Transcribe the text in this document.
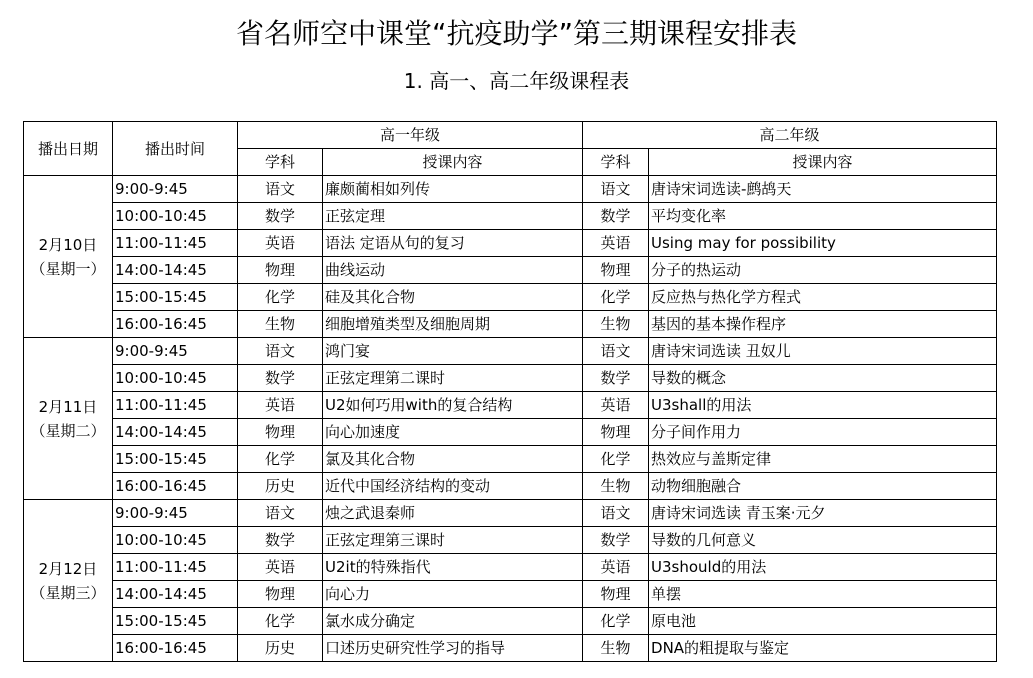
省名师空中课堂“抗疫助学”第三期课程安排表
1. 高一、高二年级课程表
播出日期	播出时间	高一年级		高二年级	
		学科	授课内容	学科	授课内容

2月10日
（星期一）	9:00-9:45	语文	廉颇蔺相如列传	语文	唐诗宋词选读-鹧鸪天
	10:00-10:45	数学	正弦定理	数学	平均变化率
	11:00-11:45	英语	语法 定语从句的复习	英语	Using may for possibility
	14:00-14:45	物理	曲线运动	物理	分子的热运动
	15:00-15:45	化学	硅及其化合物	化学	反应热与热化学方程式
	16:00-16:45	生物	细胞增殖类型及细胞周期	生物	基因的基本操作程序

2月11日
（星期二）	9:00-9:45	语文	鸿门宴	语文	唐诗宋词选读 丑奴儿
	10:00-10:45	数学	正弦定理第二课时	数学	导数的概念
	11:00-11:45	英语	U2如何巧用with的复合结构	英语	U3shall的用法
	14:00-14:45	物理	向心加速度	物理	分子间作用力
	15:00-15:45	化学	氯及其化合物	化学	热效应与盖斯定律
	16:00-16:45	历史	近代中国经济结构的变动	生物	动物细胞融合

2月12日
（星期三）	9:00-9:45	语文	烛之武退秦师	语文	唐诗宋词选读 青玉案·元夕
	10:00-10:45	数学	正弦定理第三课时	数学	导数的几何意义
	11:00-11:45	英语	U2it的特殊指代	英语	U3should的用法
	14:00-14:45	物理	向心力	物理	单摆
	15:00-15:45	化学	氯水成分确定	化学	原电池
	16:00-16:45	历史	口述历史研究性学习的指导	生物	DNA的粗提取与鉴定
